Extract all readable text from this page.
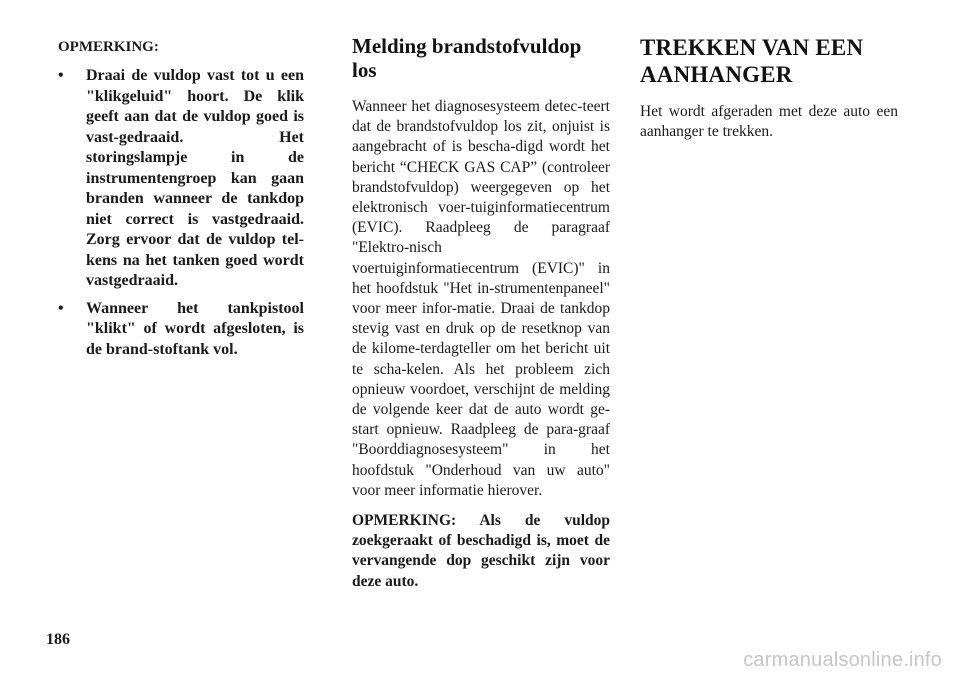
OPMERKING:
• Draai de vuldop vast tot u een "klikgeluid" hoort. De klik geeft aan dat de vuldop goed is vast-gedraaid. Het storingslampje in de instrumentengroep kan gaan branden wanneer de tankdop niet correct is vastgedraaid. Zorg ervoor dat de vuldop tel-kens na het tanken goed wordt vastgedraaid.
• Wanneer het tankpistool "klikt" of wordt afgesloten, is de brand-stoftank vol.
Melding brandstofvuldop los

Wanneer het diagnosesysteem detec-teert dat de brandstofvuldop los zit, onjuist is aangebracht of is bescha-digd wordt het bericht “CHECK GAS CAP” (controleer brandstofvuldop) weergegeven op het elektronisch voer-tuiginformatiecentrum (EVIC). Raadpleeg de paragraaf "Elektro-nisch voertuiginformatiecentrum (EVIC)" in het hoofdstuk "Het in-strumentenpaneel" voor meer infor-matie. Draai de tankdop stevig vast en druk op de resetknop van de kilome-terdagteller om het bericht uit te scha-kelen. Als het probleem zich opnieuw voordoet, verschijnt de melding de volgende keer dat de auto wordt ge-start opnieuw. Raadpleeg de para-graaf "Boorddiagnosesysteem" in het hoofdstuk "Onderhoud van uw auto" voor meer informatie hierover.

OPMERKING: Als de vuldop zoekgeraakt of beschadigd is, moet de vervangende dop geschikt zijn voor deze auto.

TREKKEN VAN EEN AANHANGER

Het wordt afgeraden met deze auto een aanhanger te trekken.

186
carmanualsonline.info
